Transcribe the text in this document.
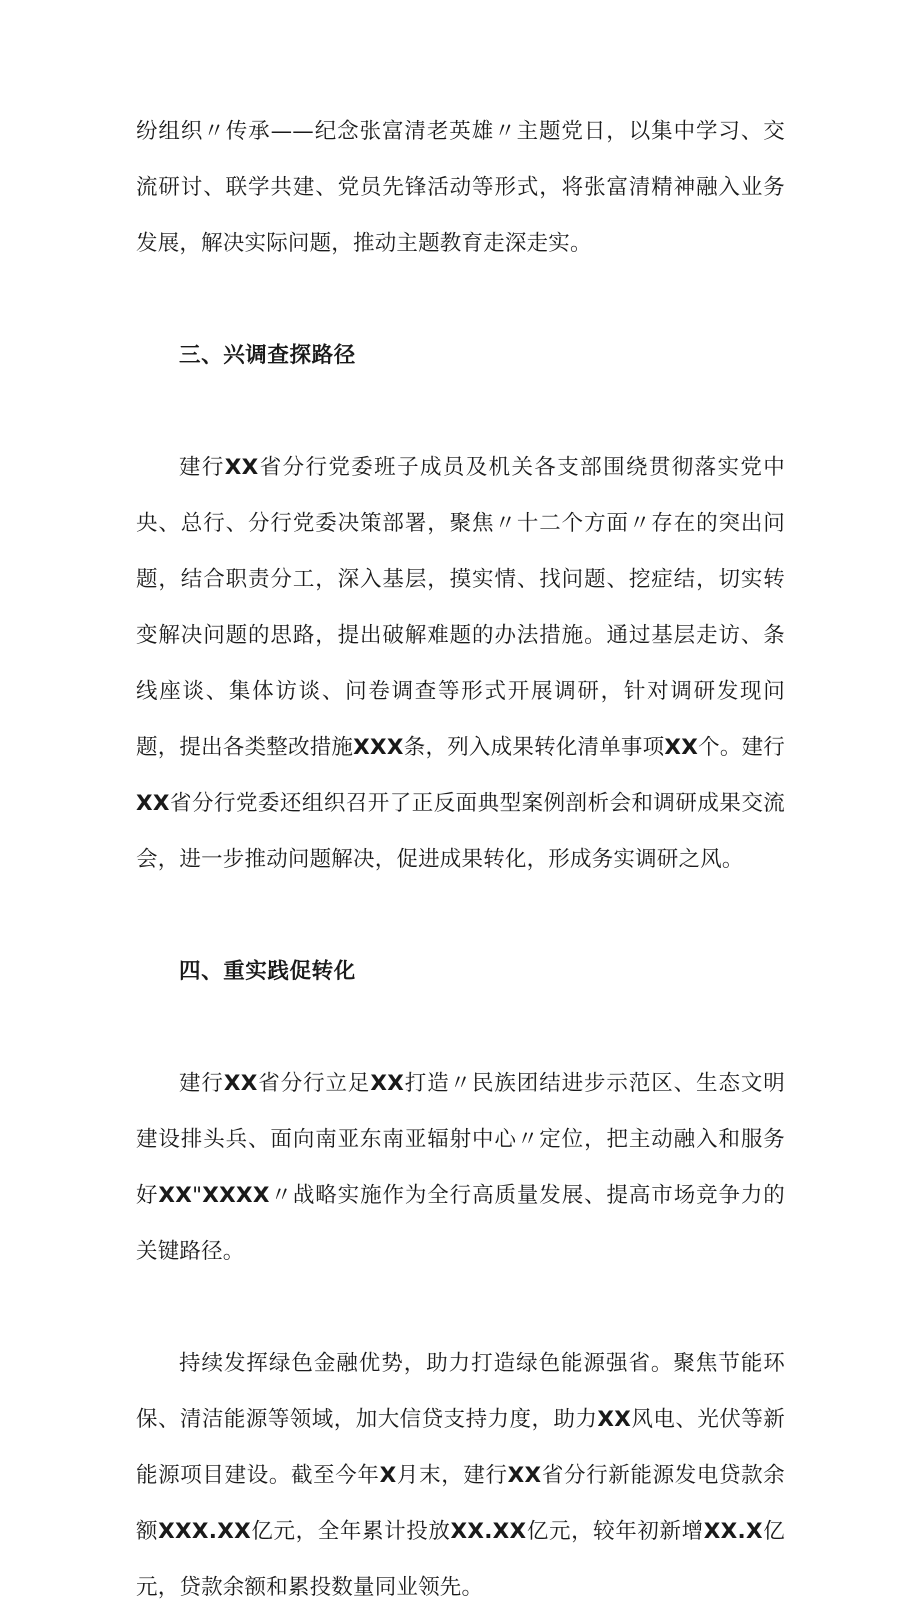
纷组织〃传承——纪念张富清老英雄〃主题党日，以集中学习、交流研讨、联学共建、党员先锋活动等形式，将张富清精神融入业务发展，解决实际问题，推动主题教育走深走实。

三、兴调查探路径

建行XX省分行党委班子成员及机关各支部围绕贯彻落实党中央、总行、分行党委决策部署，聚焦〃十二个方面〃存在的突出问题，结合职责分工，深入基层，摸实情、找问题、挖症结，切实转变解决问题的思路，提出破解难题的办法措施。通过基层走访、条线座谈、集体访谈、问卷调查等形式开展调研，针对调研发现问题，提出各类整改措施XXX条，列入成果转化清单事项XX个。建行XX省分行党委还组织召开了正反面典型案例剖析会和调研成果交流会，进一步推动问题解决，促进成果转化，形成务实调研之风。

四、重实践促转化

建行XX省分行立足XX打造〃民族团结进步示范区、生态文明建设排头兵、面向南亚东南亚辐射中心〃定位，把主动融入和服务好XX"XXXX〃战略实施作为全行高质量发展、提高市场竞争力的关键路径。

持续发挥绿色金融优势，助力打造绿色能源强省。聚焦节能环保、清洁能源等领域，加大信贷支持力度，助力XX风电、光伏等新能源项目建设。截至今年X月末，建行XX省分行新能源发电贷款余额XXX.XX亿元，全年累计投放XX.XX亿元，较年初新增XX.X亿元，贷款余额和累投数量同业领先。
